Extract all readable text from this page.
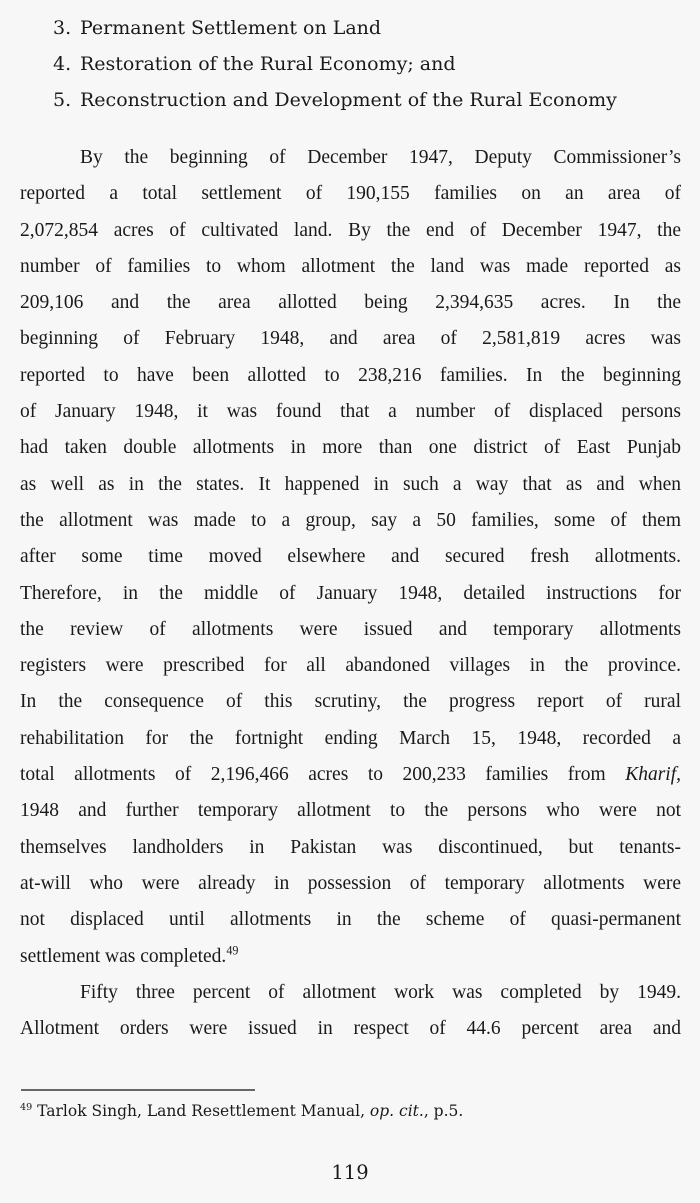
3. Permanent Settlement on Land
4. Restoration of the Rural Economy; and
5. Reconstruction and Development of the Rural Economy
By the beginning of December 1947, Deputy Commissioner’s
reported a total settlement of 190,155 families on an area of
2,072,854 acres of cultivated land. By the end of December 1947, the
number of families to whom allotment the land was made reported as
209,106 and the area allotted being 2,394,635 acres. In the
beginning of February 1948, and area of 2,581,819 acres was
reported to have been allotted to 238,216 families. In the beginning
of January 1948, it was found that a number of displaced persons
had taken double allotments in more than one district of East Punjab
as well as in the states. It happened in such a way that as and when
the allotment was made to a group, say a 50 families, some of them
after some time moved elsewhere and secured fresh allotments.
Therefore, in the middle of January 1948, detailed instructions for
the review of allotments were issued and temporary allotments
registers were prescribed for all abandoned villages in the province.
In the consequence of this scrutiny, the progress report of rural
rehabilitation for the fortnight ending March 15, 1948, recorded a
total allotments of 2,196,466 acres to 200,233 families from Kharif,
1948 and further temporary allotment to the persons who were not
themselves landholders in Pakistan was discontinued, but tenants-
at-will who were already in possession of temporary allotments were
not displaced until allotments in the scheme of quasi-permanent
settlement was completed.$^{49}$
Fifty three percent of allotment work was completed by 1949.
Allotment orders were issued in respect of 44.6 percent area and
$^{49}$ Tarlok Singh, Land Resettlement Manual, op. cit., p.5.
119
